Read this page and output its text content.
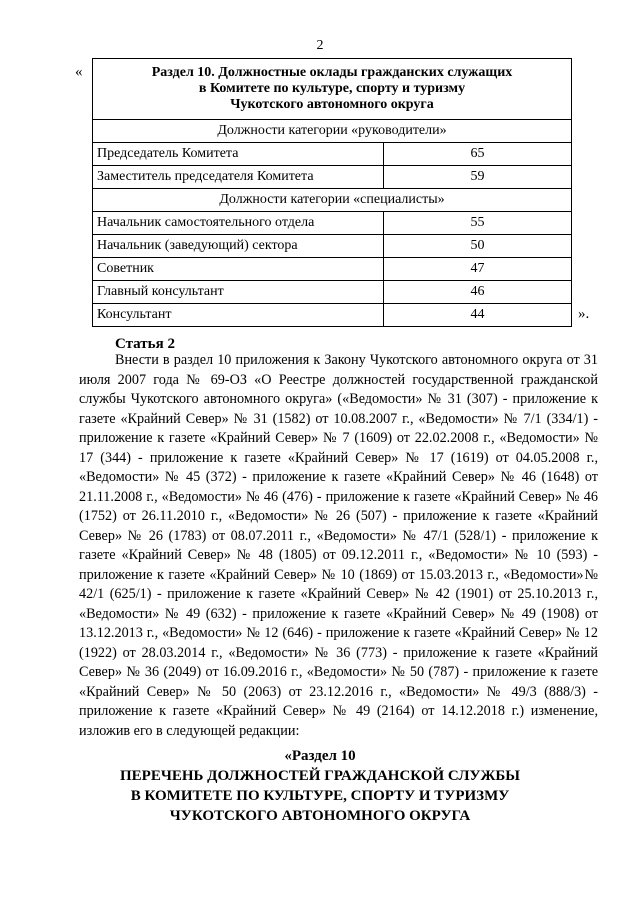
2
«	Раздел 10. Должностные оклады гражданских служащих
в Комитете по культуре, спорту и туризму
Чукотского автономного округа	

Должности категории «руководители»	
Председатель Комитета	65
Заместитель председателя Комитета	59
Должности категории «специалисты»	
Начальник самостоятельного отдела	55
Начальник (заведующий) сектора	50
Советник	47
Главный консультант	46
Консультант	44	».
Статья 2

Внести в раздел 10 приложения к Закону Чукотского автономного округа от 31 июля 2007 года № 69-ОЗ «О Реестре должностей государственной гражданской службы Чукотского автономного округа» («Ведомости» № 31 (307) - приложение к газете «Крайний Север» № 31 (1582) от 10.08.2007 г., «Ведомости» № 7/1 (334/1) - приложение к газете «Крайний Север» № 7 (1609) от 22.02.2008 г., «Ведомости» № 17 (344) - приложение к газете «Крайний Север» № 17 (1619) от 04.05.2008 г., «Ведомости» № 45 (372) - приложение к газете «Крайний Север» № 46 (1648) от 21.11.2008 г., «Ведомости» № 46 (476) - приложение к газете «Крайний Север» № 46 (1752) от 26.11.2010 г., «Ведомости» № 26 (507) - приложение к газете «Крайний Север» № 26 (1783) от 08.07.2011 г., «Ведомости» № 47/1 (528/1) - приложение к газете «Крайний Север» № 48 (1805) от 09.12.2011 г., «Ведомости» № 10 (593) - приложение к газете «Крайний Север» № 10 (1869) от 15.03.2013 г., «Ведомости»№ 42/1 (625/1) - приложение к газете «Крайний Север» № 42 (1901) от 25.10.2013 г., «Ведомости» № 49 (632) - приложение к газете «Крайний Север» № 49 (1908) от 13.12.2013 г., «Ведомости» № 12 (646) - приложение к газете «Крайний Север» № 12 (1922) от 28.03.2014 г., «Ведомости» № 36 (773) - приложение к газете «Крайний Север» № 36 (2049) от 16.09.2016 г., «Ведомости» № 50 (787) - приложение к газете «Крайний Север» № 50 (2063) от 23.12.2016 г., «Ведомости» № 49/3 (888/3) - приложение к газете «Крайний Север» № 49 (2164) от 14.12.2018 г.) изменение, изложив его в следующей редакции:

«Раздел 10
ПЕРЕЧЕНЬ ДОЛЖНОСТЕЙ ГРАЖДАНСКОЙ СЛУЖБЫ
В КОМИТЕТЕ ПО КУЛЬТУРЕ, СПОРТУ И ТУРИЗМУ
ЧУКОТСКОГО АВТОНОМНОГО ОКРУГА
